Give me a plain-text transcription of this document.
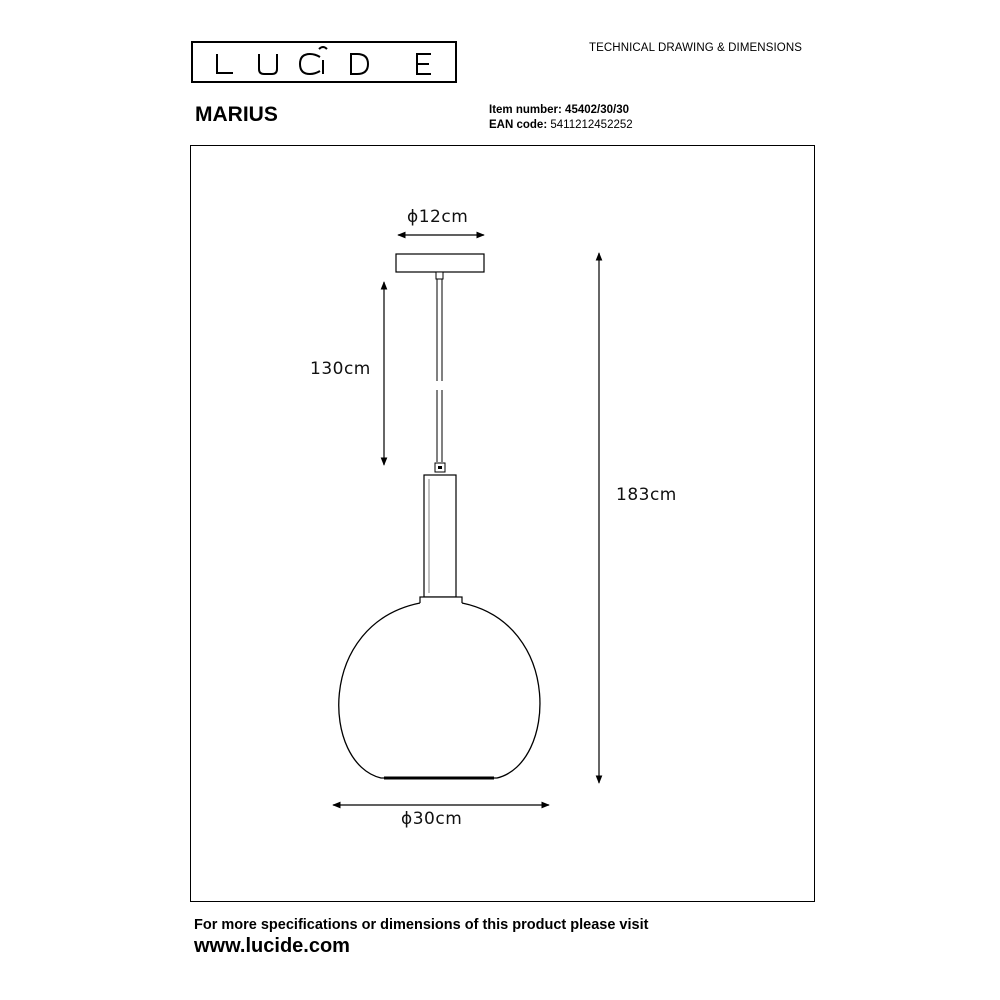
TECHNICAL DRAWING & DIMENSIONS
MARIUS	Item number: 45402/30/30
EAN code: 5411212452252
ϕ12cm
130cm
183cm
ϕ30cm
For more specifications or dimensions of this product please visit
www.lucide.com
